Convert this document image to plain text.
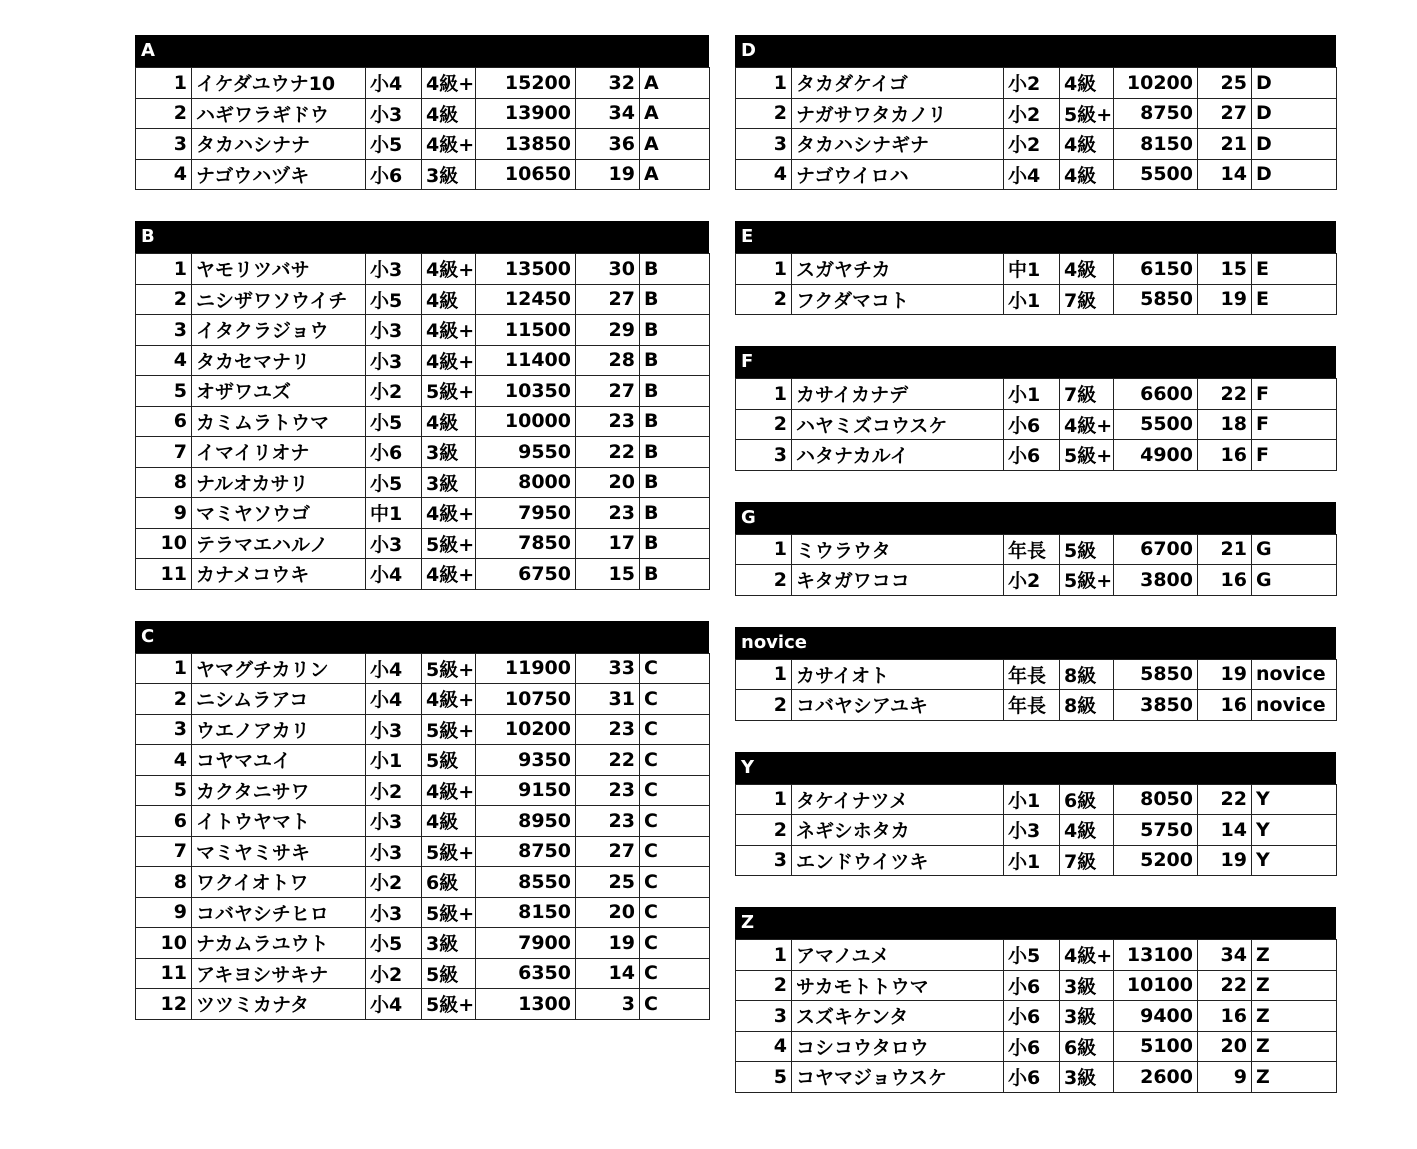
A
1	イケダユウナ10	小4	4級+	15200	32	A
2	ハギワラギドウ	小3	4級	13900	34	A
3	タカハシナナ	小5	4級+	13850	36	A
4	ナゴウハヅキ	小6	3級	10650	19	A
B
1	ヤモリツバサ	小3	4級+	13500	30	B
2	ニシザワソウイチ	小5	4級	12450	27	B
3	イタクラジョウ	小3	4級+	11500	29	B
4	タカセマナリ	小3	4級+	11400	28	B
5	オザワユズ	小2	5級+	10350	27	B
6	カミムラトウマ	小5	4級	10000	23	B
7	イマイリオナ	小6	3級	9550	22	B
8	ナルオカサリ	小5	3級	8000	20	B
9	マミヤソウゴ	中1	4級+	7950	23	B
10	テラマエハルノ	小3	5級+	7850	17	B
11	カナメコウキ	小4	4級+	6750	15	B
C
1	ヤマグチカリン	小4	5級+	11900	33	C
2	ニシムラアコ	小4	4級+	10750	31	C
3	ウエノアカリ	小3	5級+	10200	23	C
4	コヤマユイ	小1	5級	9350	22	C
5	カクタニサワ	小2	4級+	9150	23	C
6	イトウヤマト	小3	4級	8950	23	C
7	マミヤミサキ	小3	5級+	8750	27	C
8	ワクイオトワ	小2	6級	8550	25	C
9	コバヤシチヒロ	小3	5級+	8150	20	C
10	ナカムラユウト	小5	3級	7900	19	C
11	アキヨシサキナ	小2	5級	6350	14	C
12	ツツミカナタ	小4	5級+	1300	3	C
D
1	タカダケイゴ	小2	4級	10200	25	D
2	ナガサワタカノリ	小2	5級+	8750	27	D
3	タカハシナギナ	小2	4級	8150	21	D
4	ナゴウイロハ	小4	4級	5500	14	D
E
1	スガヤチカ	中1	4級	6150	15	E
2	フクダマコト	小1	7級	5850	19	E
F
1	カサイカナデ	小1	7級	6600	22	F
2	ハヤミズコウスケ	小6	4級+	5500	18	F
3	ハタナカルイ	小6	5級+	4900	16	F
G
1	ミウラウタ	年長	5級	6700	21	G
2	キタガワココ	小2	5級+	3800	16	G
novice
1	カサイオト	年長	8級	5850	19	novice
2	コバヤシアユキ	年長	8級	3850	16	novice
Y
1	タケイナツメ	小1	6級	8050	22	Y
2	ネギシホタカ	小3	4級	5750	14	Y
3	エンドウイツキ	小1	7級	5200	19	Y
Z
1	アマノユメ	小5	4級+	13100	34	Z
2	サカモトトウマ	小6	3級	10100	22	Z
3	スズキケンタ	小6	3級	9400	16	Z
4	コシコウタロウ	小6	6級	5100	20	Z
5	コヤマジョウスケ	小6	3級	2600	9	Z
